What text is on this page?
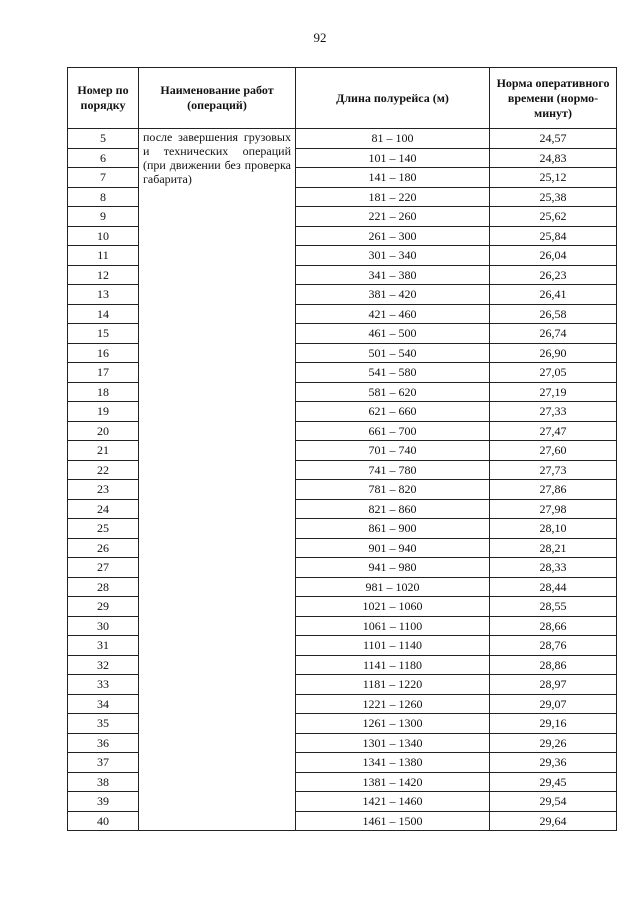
92
Номер по порядку	Наименование работ (операций)	Длина полурейса (м)	Норма оперативного времени (нормо-минут)
5	после завершения грузовых и технических операций (при движении без проверка габарита)	81 – 100	24,57
6		101 – 140	24,83
7		141 – 180	25,12
8		181 – 220	25,38
9		221 – 260	25,62
10		261 – 300	25,84
11		301 – 340	26,04
12		341 – 380	26,23
13		381 – 420	26,41
14		421 – 460	26,58
15		461 – 500	26,74
16		501 – 540	26,90
17		541 – 580	27,05
18		581 – 620	27,19
19		621 – 660	27,33
20		661 – 700	27,47
21		701 – 740	27,60
22		741 – 780	27,73
23		781 – 820	27,86
24		821 – 860	27,98
25		861 – 900	28,10
26		901 – 940	28,21
27		941 – 980	28,33
28		981 – 1020	28,44
29		1021 – 1060	28,55
30		1061 – 1100	28,66
31		1101 – 1140	28,76
32		1141 – 1180	28,86
33		1181 – 1220	28,97
34		1221 – 1260	29,07
35		1261 – 1300	29,16
36		1301 – 1340	29,26
37		1341 – 1380	29,36
38		1381 – 1420	29,45
39		1421 – 1460	29,54
40		1461 – 1500	29,64
